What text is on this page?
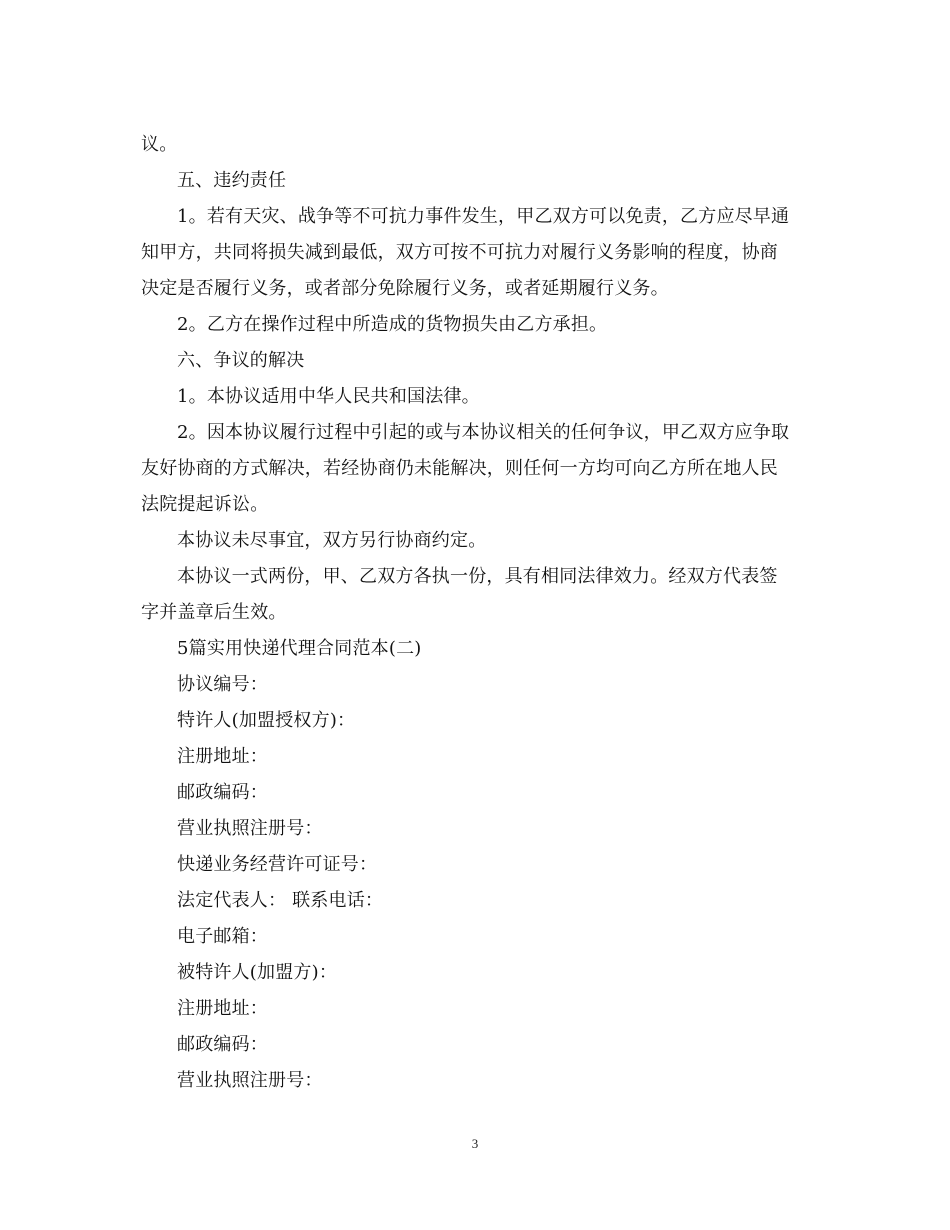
议。
五、违约责任
1。若有天灾、战争等不可抗力事件发生，甲乙双方可以免责，乙方应尽早通
知甲方，共同将损失减到最低，双方可按不可抗力对履行义务影响的程度，协商
决定是否履行义务，或者部分免除履行义务，或者延期履行义务。
2。乙方在操作过程中所造成的货物损失由乙方承担。
六、争议的解决
1。本协议适用中华人民共和国法律。
2。因本协议履行过程中引起的或与本协议相关的任何争议，甲乙双方应争取
友好协商的方式解决，若经协商仍未能解决，则任何一方均可向乙方所在地人民
法院提起诉讼。
本协议未尽事宜，双方另行协商约定。
本协议一式两份，甲、乙双方各执一份，具有相同法律效力。经双方代表签
字并盖章后生效。
5篇实用快递代理合同范本(二)
协议编号：
特许人(加盟授权方)：
注册地址：
邮政编码：
营业执照注册号：
快递业务经营许可证号：
法定代表人： 联系电话：
电子邮箱：
被特许人(加盟方)：
注册地址：
邮政编码：
营业执照注册号：
3
